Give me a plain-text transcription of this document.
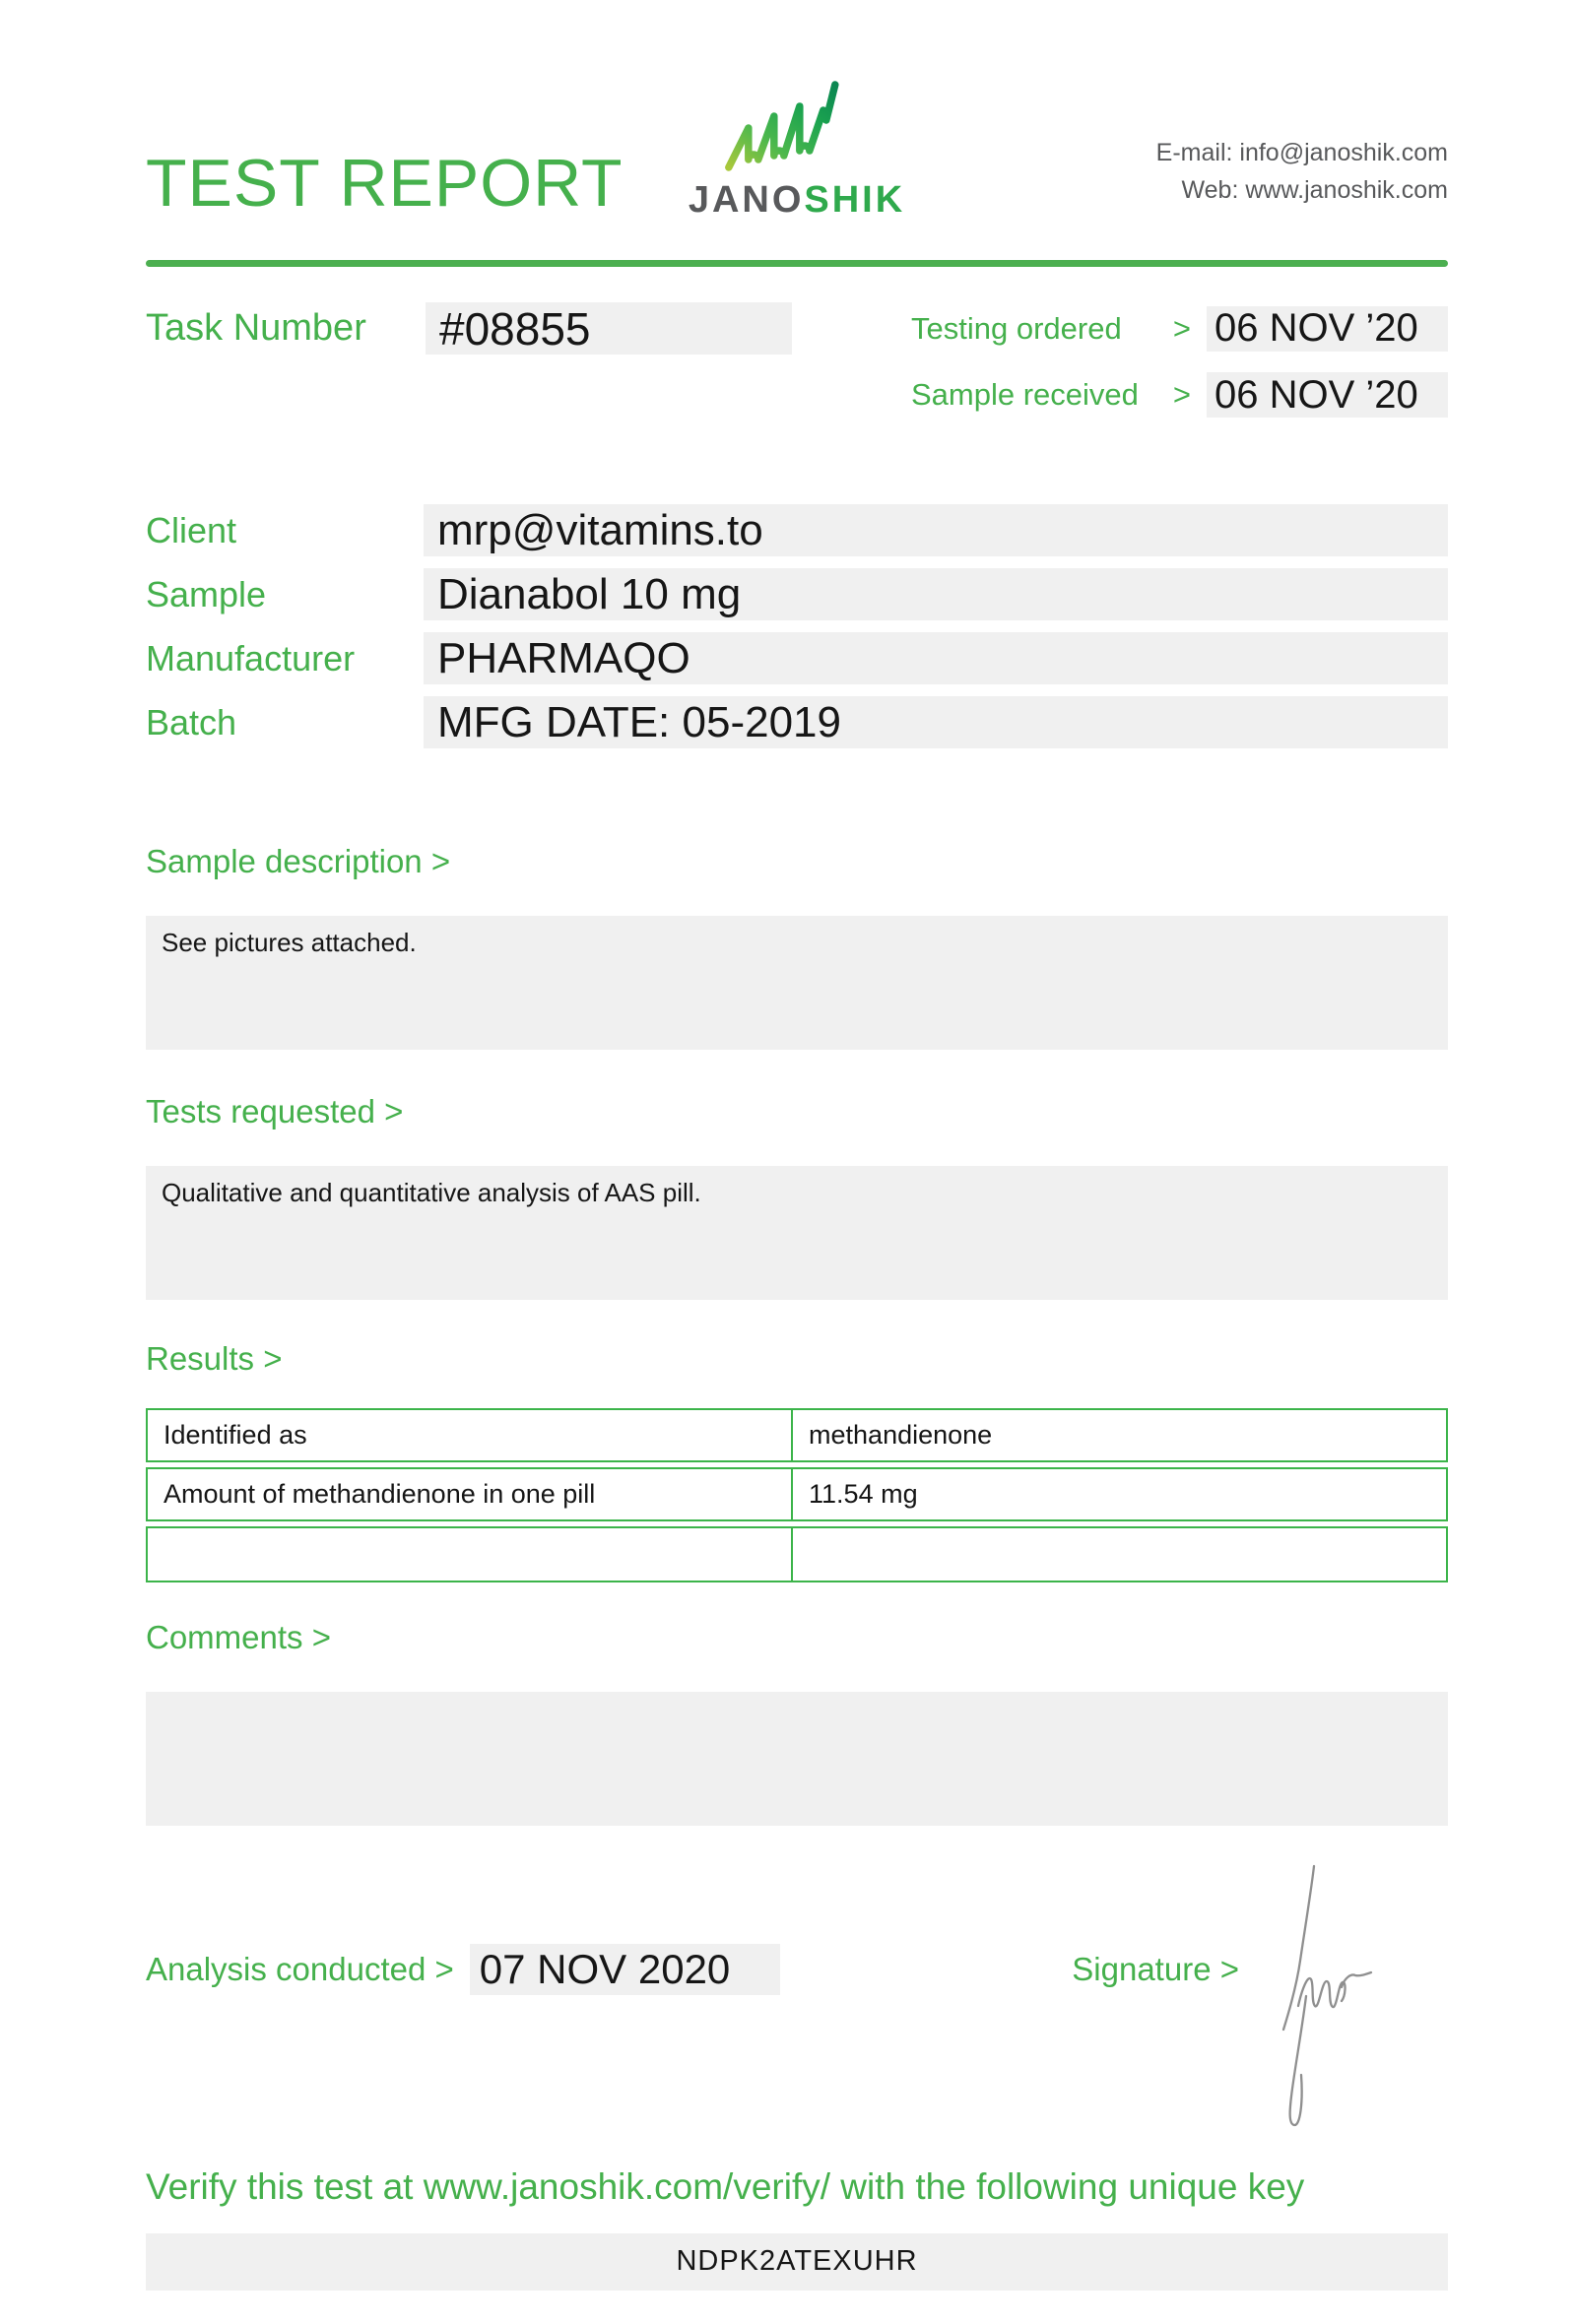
TEST REPORT JANOSHIK
E-mail: info@janoshik.com
Web: www.janoshik.com
Task Number	#08855	Testing ordered > 06 NOV ’20
Sample received > 06 NOV ’20
Client	mrp@vitamins.to
Sample	Dianabol 10 mg
Manufacturer	PHARMAQO
Batch	MFG DATE: 05-2019
Sample description >
See pictures attached.
Tests requested >
Qualitative and quantitative analysis of AAS pill.
Results >
Identified as	methandienone
Amount of methandienone in one pill	11.54 mg
Comments >
Analysis conducted > 07 NOV 2020	Signature >
Verify this test at www.janoshik.com/verify/ with the following unique key
NDPK2ATEXUHR
